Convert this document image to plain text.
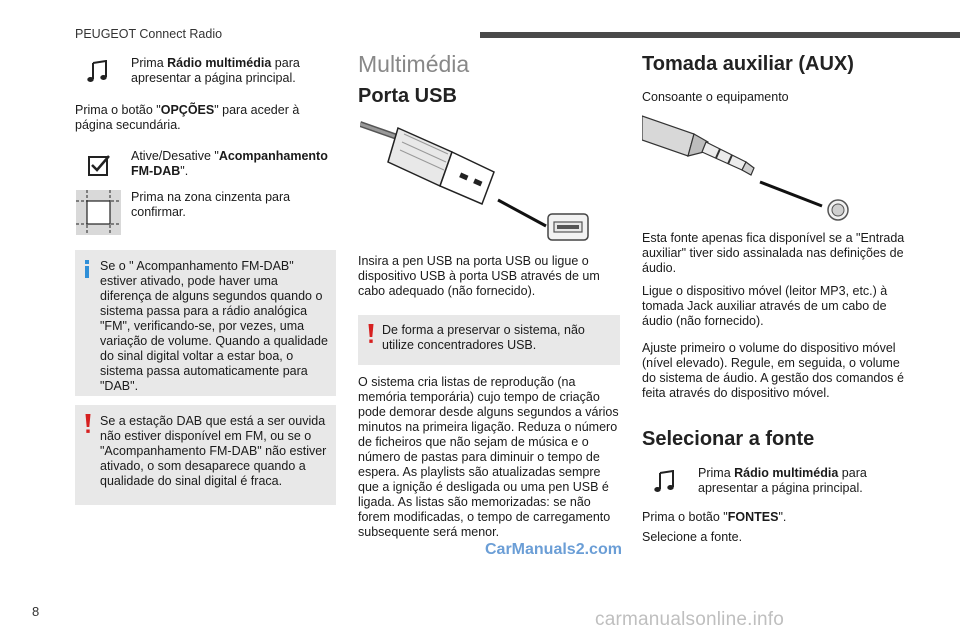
PEUGEOT Connect Radio
Prima Rádio multimédia para apresentar a página principal.
Prima o botão "OPÇÕES" para aceder à página secundária.
Ative/Desative "Acompanhamento FM-DAB".
Prima na zona cinzenta para confirmar.
Se o " Acompanhamento FM-DAB" estiver ativado, pode haver uma diferença de alguns segundos quando o sistema passa para a rádio analógica "FM", verificando-se, por vezes, uma variação de volume. Quando a qualidade do sinal digital voltar a estar boa, o sistema passa automaticamente para "DAB".
Se a estação DAB que está a ser ouvida não estiver disponível em FM, ou se o "Acompanhamento FM-DAB" não estiver ativado, o som desaparece quando a qualidade do sinal digital é fraca.
Multimédia
Porta USB
Insira a pen USB na porta USB ou ligue o dispositivo USB à porta USB através de um cabo adequado (não fornecido).
De forma a preservar o sistema, não utilize concentradores USB.
O sistema cria listas de reprodução (na memória temporária) cujo tempo de criação pode demorar desde alguns segundos a vários minutos na primeira ligação. Reduza o número de ficheiros que não sejam de música e o número de pastas para diminuir o tempo de espera. As playlists são atualizadas sempre que a ignição é desligada ou uma pen USB é ligada. As listas são memorizadas: se não forem modificadas, o tempo de carregamento subsequente será menor.
Tomada auxiliar (AUX)
Consoante o equipamento
Esta fonte apenas fica disponível se a "Entrada auxiliar" tiver sido assinalada nas definições de áudio.
Ligue o dispositivo móvel (leitor MP3, etc.) à tomada Jack auxiliar através de um cabo de áudio (não fornecido).
Ajuste primeiro o volume do dispositivo móvel (nível elevado). Regule, em seguida, o volume do sistema de áudio. A gestão dos comandos é feita através do dispositivo móvel.
Selecionar a fonte
Prima Rádio multimédia para apresentar a página principal.
Prima o botão "FONTES".
Selecione a fonte.
8
CarManuals2.com
carmanualsonline.info
